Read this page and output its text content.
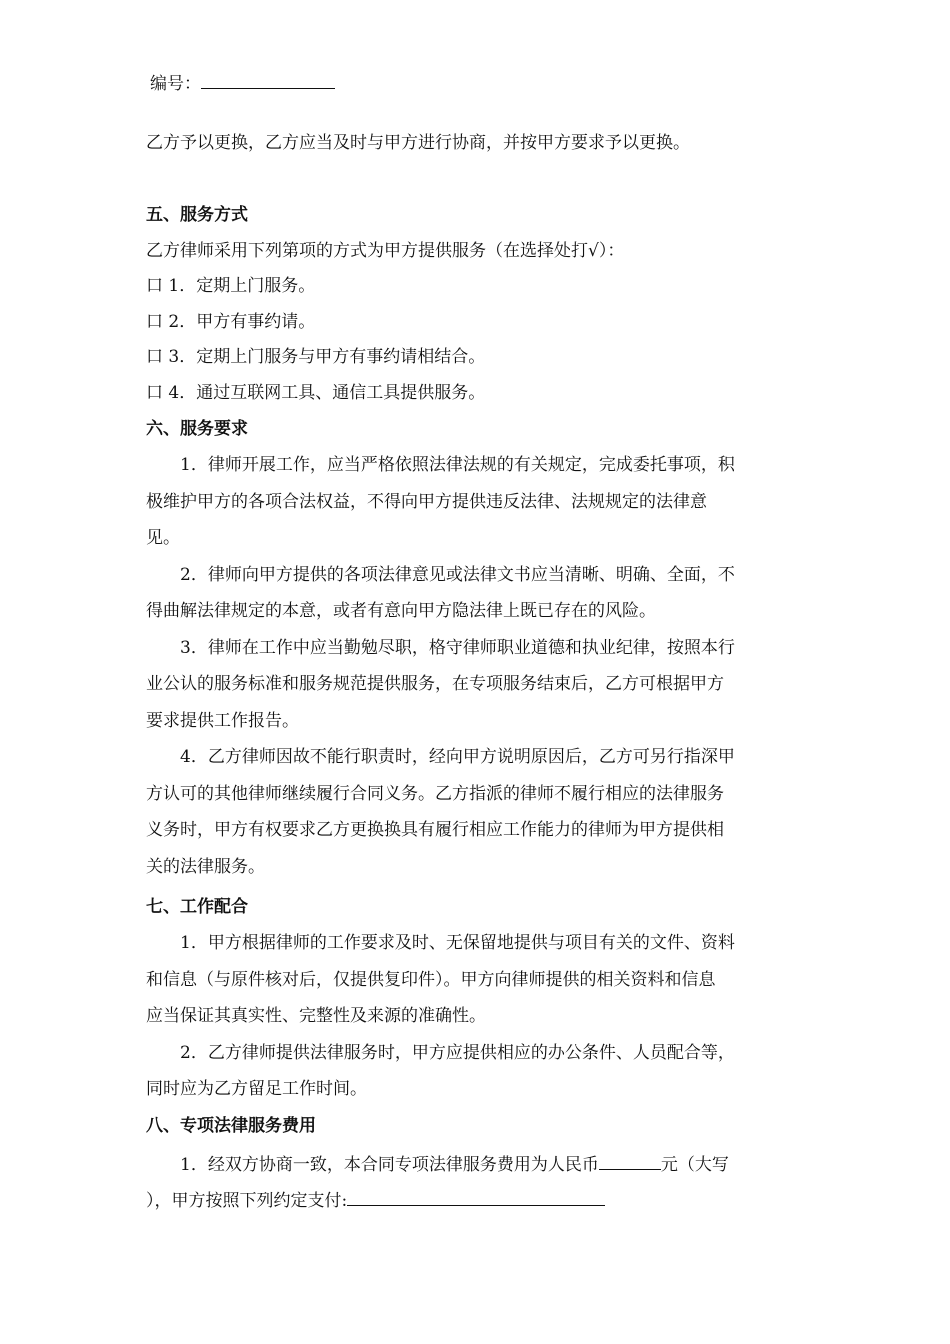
编号：
乙方予以更换，乙方应当及时与甲方进行协商，并按甲方要求予以更换。
五、服务方式
乙方律师采用下列第项的方式为甲方提供服务（在选择处打√）：
口 1．定期上门服务。
口 2．甲方有事约请。
口 3．定期上门服务与甲方有事约请相结合。
口 4．通过互联网工具、通信工具提供服务。
六、服务要求
1．律师开展工作，应当严格依照法律法规的有关规定，完成委托事项，积
极维护甲方的各项合法权益，不得向甲方提供违反法律、法规规定的法律意
见。
2．律师向甲方提供的各项法律意见或法律文书应当清晰、明确、全面，不
得曲解法律规定的本意，或者有意向甲方隐法律上既已存在的风险。
3．律师在工作中应当勤勉尽职，格守律师职业道德和执业纪律，按照本行
业公认的服务标准和服务规范提供服务，在专项服务结束后，乙方可根据甲方
要求提供工作报告。
4．乙方律师因故不能行职责时，经向甲方说明原因后，乙方可另行指深甲
方认可的其他律师继续履行合同义务。乙方指派的律师不履行相应的法律服务
义务时，甲方有权要求乙方更换换具有履行相应工作能力的律师为甲方提供相
关的法律服务。
七、工作配合
1．甲方根据律师的工作要求及时、无保留地提供与项目有关的文件、资料
和信息（与原件核对后，仅提供复印件）。甲方向律师提供的相关资料和信息
应当保证其真实性、完整性及来源的准确性。
2．乙方律师提供法律服务时，甲方应提供相应的办公条件、人员配合等，
同时应为乙方留足工作时间。
八、专项法律服务费用
1．经双方协商一致，本合同专项法律服务费用为人民币	元（大写
），甲方按照下列约定支付:
